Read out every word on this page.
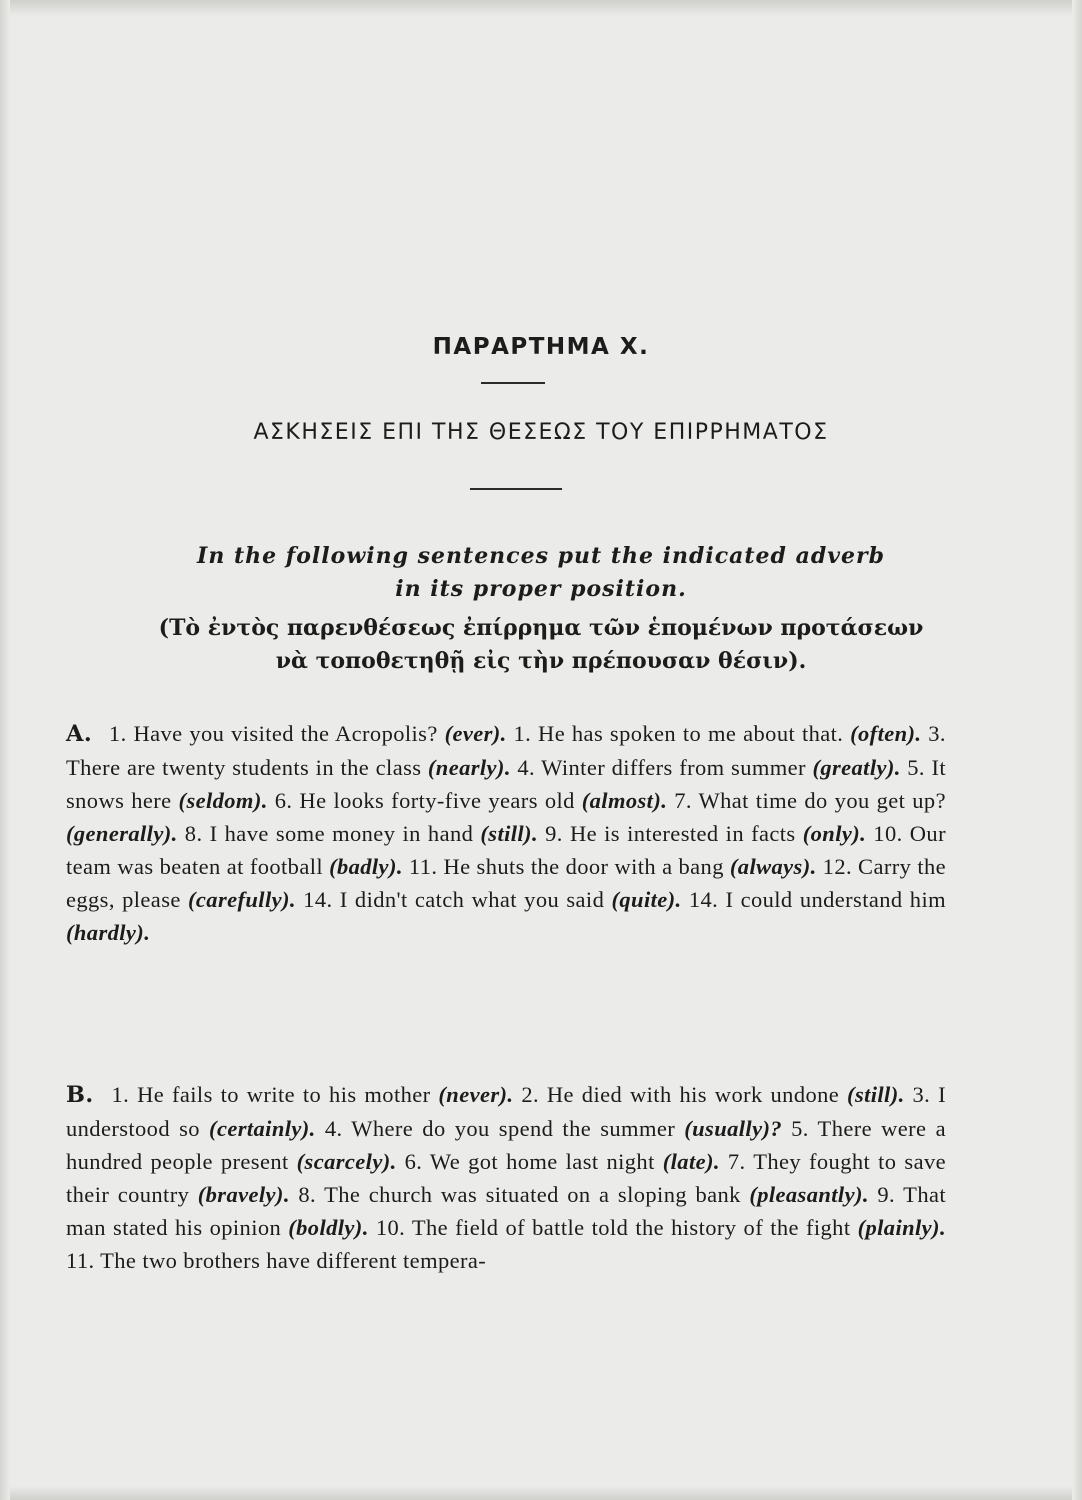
ΠΑΡΑΡΤΗΜΑ Χ.
ΑΣΚΗΣΕΙΣ ΕΠΙ ΤΗΣ ΘΕΣΕΩΣ ΤΟΥ ΕΠΙΡΡΗΜΑΤΟΣ
In the following sentences put the indicated adverb
in its proper position.
(Τὸ ἐντὸς παρενθέσεως ἐπίρρημα τῶν ἑπομένων προτάσεων
νὰ τοποθετηθῇ εἰς τὴν πρέπουσαν θέσιν).
A. 1. Have you visited the Acropolis? (ever). 1. He has spoken to me about that. (often). 3. There are twenty students in the class (nearly). 4. Winter differs from summer (greatly). 5. It snows here (seldom). 6. He looks forty-five years old (almost). 7. What time do you get up? (generally). 8. I have some money in hand (still). 9. He is interested in facts (only). 10. Our team was beaten at football (badly). 11. He shuts the door with a bang (always). 12. Carry the eggs, please (carefully). 14. I didn't catch what you said (quite). 14. I could understand him (hardly).
B. 1. He fails to write to his mother (never). 2. He died with his work undone (still). 3. I understood so (certainly). 4. Where do you spend the summer (usually)? 5. There were a hundred people present (scarcely). 6. We got home last night (late). 7. They fought to save their country (bravely). 8. The church was situated on a sloping bank (pleasantly). 9. That man stated his opinion (boldly). 10. The field of battle told the history of the fight (plainly). 11. The two brothers have different tempera-
